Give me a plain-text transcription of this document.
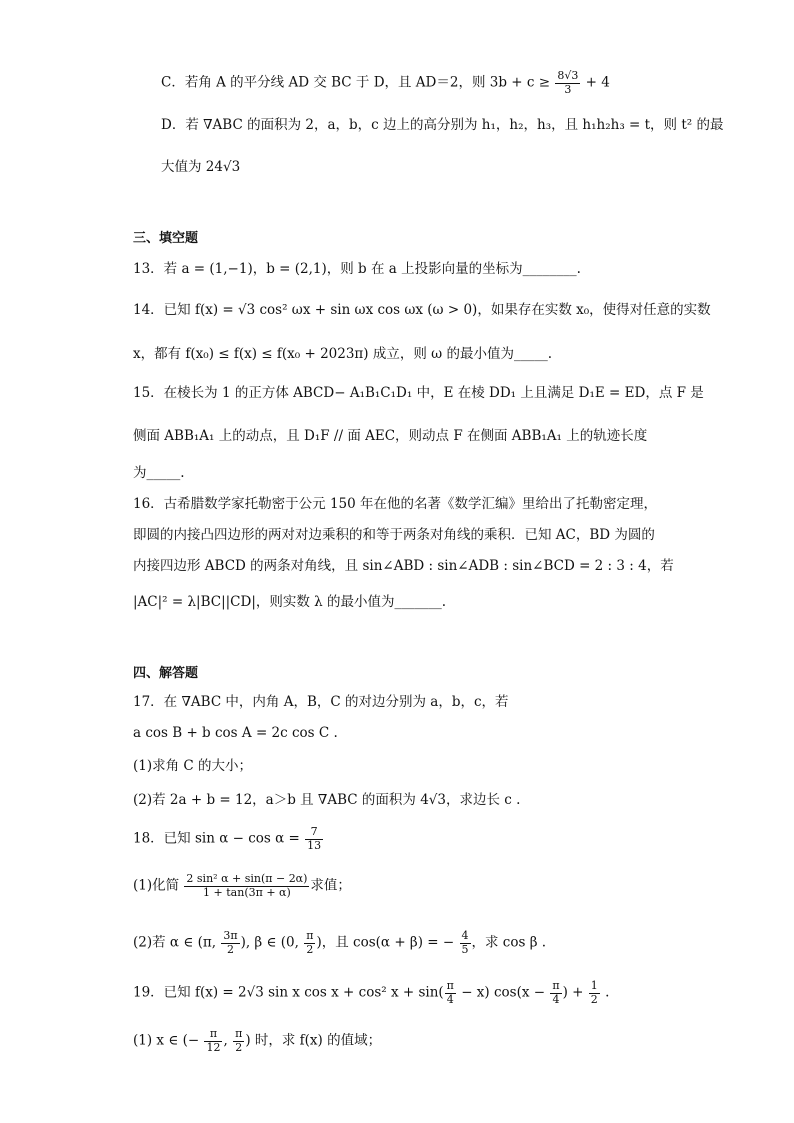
C．若角 A 的平分线 AD 交 BC 于 D，且 AD＝2，则 $3b + c \ge \frac{8√3}{3} + 4$
D．若 ∇ABC 的面积为 2，a，b，c 边上的高分别为 h₁，h₂，h₃，且 h₁h₂h₃ = t，则 t² 的最
大值为 24√3
三、填空题
13．若 a = (1,−1)，b = (2,1)，则 b 在 a 上投影向量的坐标为________.
14．已知 f(x) = √3 cos² ωx + sin ωx cos ωx (ω > 0)，如果存在实数 x₀，使得对任意的实数
x，都有 f(x₀) ≤ f(x) ≤ f(x₀ + 2023π) 成立，则 ω 的最小值为_____.
15．在棱长为 1 的正方体 ABCD− A₁B₁C₁D₁ 中，E 在棱 DD₁ 上且满足 D₁E = ED，点 F 是
侧面 ABB₁A₁ 上的动点，且 D₁F // 面 AEC，则动点 F 在侧面 ABB₁A₁ 上的轨迹长度
为_____.
16．古希腊数学家托勒密于公元 150 年在他的名著《数学汇编》里给出了托勒密定理，
即圆的内接凸四边形的两对对边乘积的和等于两条对角线的乘积．已知 AC，BD 为圆的
内接四边形 ABCD 的两条对角线，且 sin∠ABD : sin∠ADB : sin∠BCD = 2 : 3 : 4，若
|AC|² = λ|BC||CD|，则实数 λ 的最小值为_______.
四、解答题
17．在 ∇ABC 中，内角 A，B，C 的对边分别为 a，b，c，若
a cos B + b cos A = 2c cos C .
(1)求角 C 的大小；
(2)若 2a + b = 12，a＞b 且 ∇ABC 的面积为 4√3，求边长 c .
18．已知 $\sin \alpha - \cos \alpha = \frac{7}{13}$
(1)化简 $\frac{\text{2 sin² α + sin(π − 2α)}}{1 + \tan(3\pi + \alpha)}$ 求值；
(2)若 α ∈ (π, $\frac{3\pi}{2}$ ), β ∈ (0, $\frac{\pi}{2}$ )，且 cos(α + β) = − $\frac{4}{5}$ ，求 cos β .
19．已知 f(x) = 2√3 sin x cos x + cos² $x + \sin( \frac{\pi}{4} - x)$ $\cos(x - \frac{\pi}{4}$ ) + $\frac{1}{2}$ .
(1) x ∈ (− $\frac{\pi}{12}$ , $\frac{\pi}{2}$ ) 时，求 f(x) 的值域；
